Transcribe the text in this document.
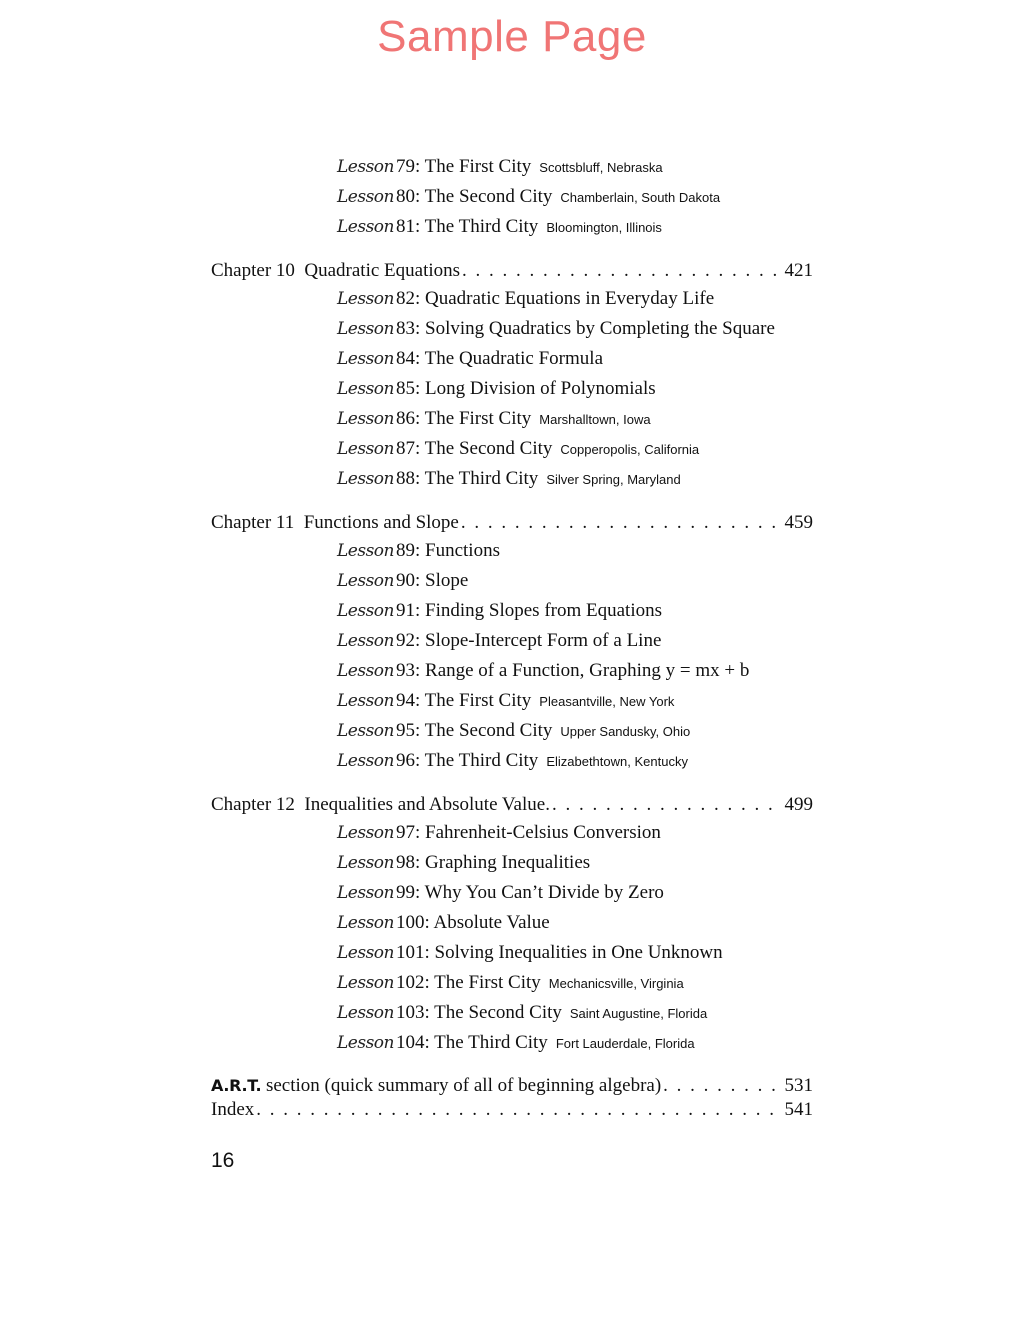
Sample Page
Lesson 79: The First City Scottsbluff, Nebraska
Lesson 80: The Second City Chamberlain, South Dakota
Lesson 81: The Third City Bloomington, Illinois
Chapter 10  Quadratic Equations . . .	421
Lesson 82: Quadratic Equations in Everyday Life
Lesson 83: Solving Quadratics by Completing the Square
Lesson 84: The Quadratic Formula
Lesson 85: Long Division of Polynomials
Lesson 86: The First City Marshalltown, Iowa
Lesson 87: The Second City Copperopolis, California
Lesson 88: The Third City Silver Spring, Maryland
Chapter 11  Functions and Slope . . .	459
Lesson 89: Functions
Lesson 90: Slope
Lesson 91: Finding Slopes from Equations
Lesson 92: Slope-Intercept Form of a Line
Lesson 93: Range of a Function, Graphing y = mx + b
Lesson 94: The First City Pleasantville, New York
Lesson 95: The Second City Upper Sandusky, Ohio
Lesson 96: The Third City Elizabethtown, Kentucky
Chapter 12  Inequalities and Absolute Value. . . .	499
Lesson 97: Fahrenheit-Celsius Conversion
Lesson 98: Graphing Inequalities
Lesson 99: Why You Can’t Divide by Zero
Lesson 100: Absolute Value
Lesson 101: Solving Inequalities in One Unknown
Lesson 102: The First City Mechanicsville, Virginia
Lesson 103: The Second City Saint Augustine, Florida
Lesson 104: The Third City Fort Lauderdale, Florida
A.R.T. section (quick summary of all of beginning algebra) . . .	531
Index . . .	541
16
